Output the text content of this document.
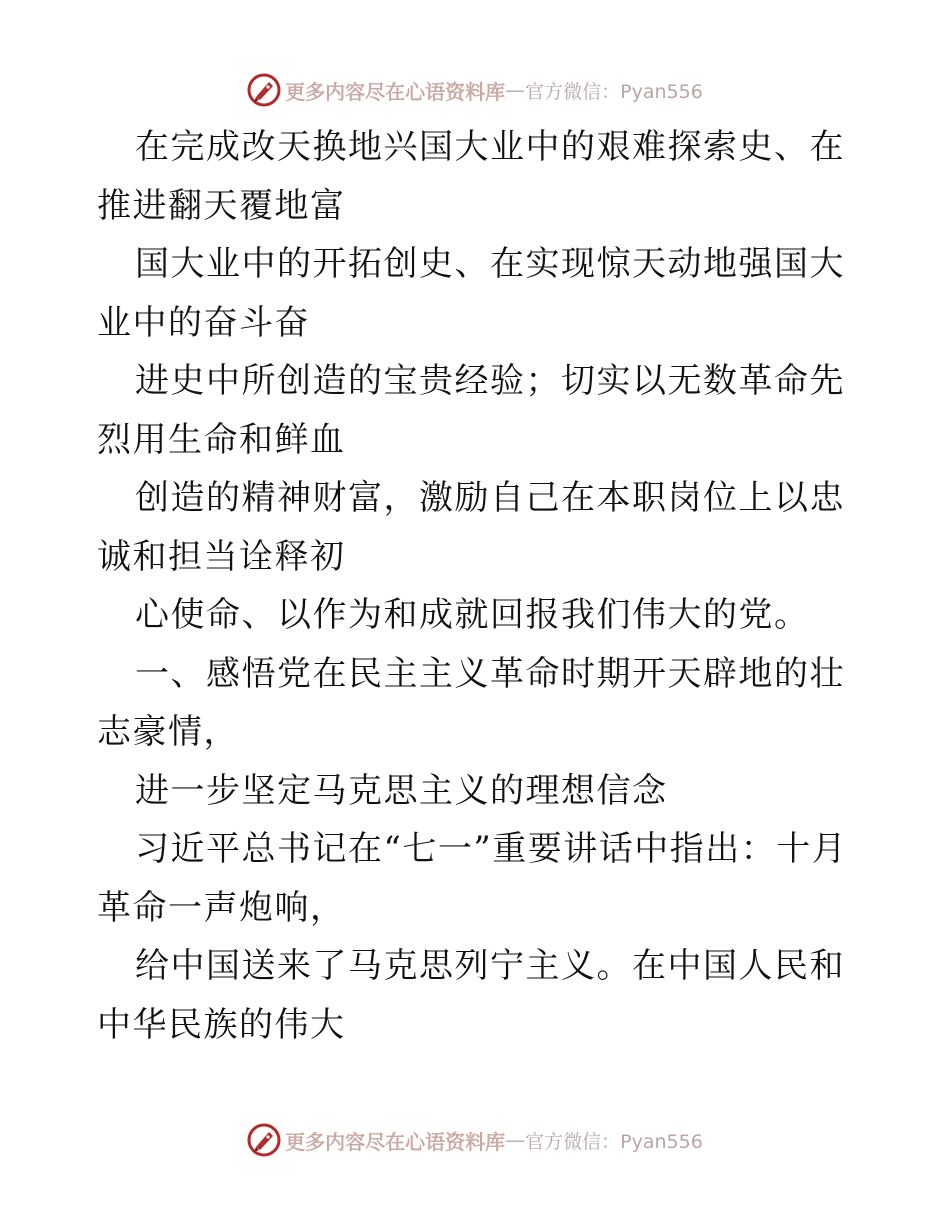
更多内容尽在心语资料库 — 官方微信：Pyan556

在完成改天换地兴国大业中的艰难探索史、在推进翻天覆地富

国大业中的开拓创史、在实现惊天动地强国大业中的奋斗奋

进史中所创造的宝贵经验；切实以无数革命先烈用生命和鲜血

创造的精神财富，激励自己在本职岗位上以忠诚和担当诠释初

心使命、以作为和成就回报我们伟大的党。

一、感悟党在民主主义革命时期开天辟地的壮志豪情，

进一步坚定马克思主义的理想信念

习近平总书记在“七一”重要讲话中指出：十月革命一声炮响，

给中国送来了马克思列宁主义。在中国人民和中华民族的伟大

更多内容尽在心语资料库 — 官方微信：Pyan556
